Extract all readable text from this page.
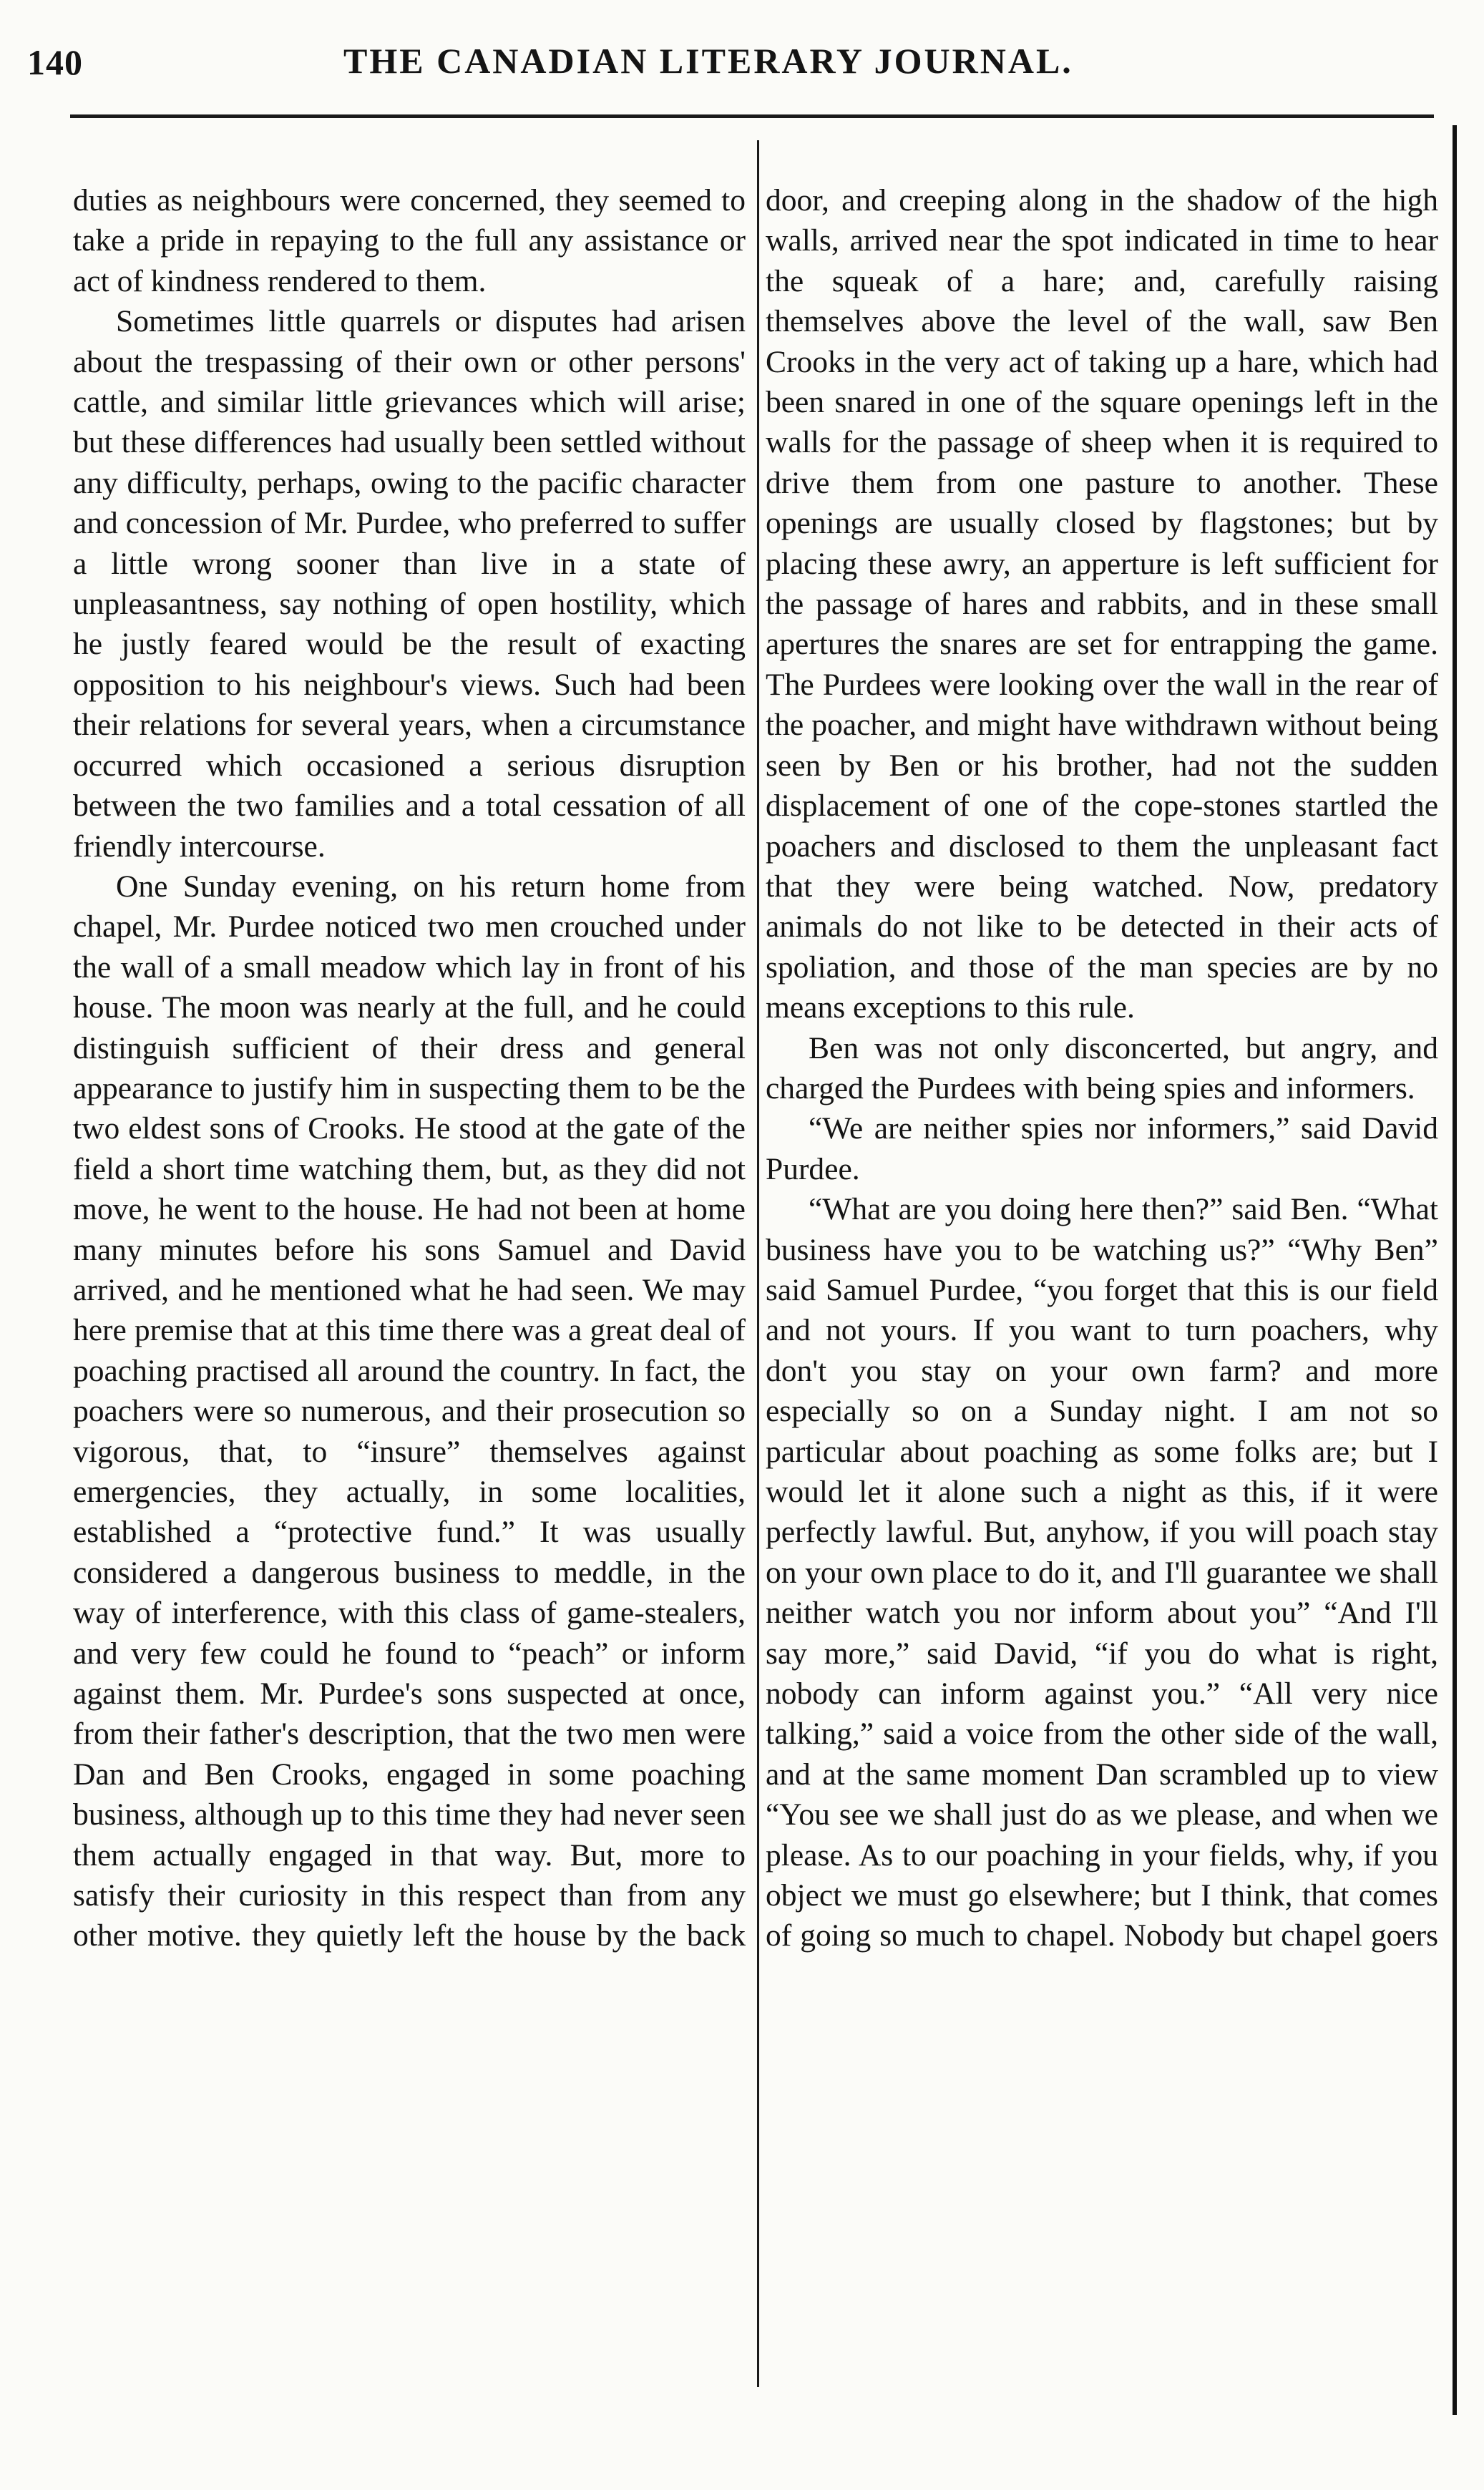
140	THE CANADIAN LITERARY JOURNAL.

duties as neighbours were concerned, they seemed to take a pride in repaying to the full any assistance or act of kindness rendered to them.

Sometimes little quarrels or disputes had arisen about the trespassing of their own or other persons' cattle, and similar little grievances which will arise; but these differences had usually been settled without any difficulty, perhaps, owing to the pacific character and concession of Mr. Purdee, who preferred to suffer a little wrong sooner than live in a state of unpleasantness, say nothing of open hostility, which he justly feared would be the result of exacting opposition to his neighbour's views. Such had been their relations for several years, when a circumstance occurred which occasioned a serious disruption between the two families and a total cessation of all friendly intercourse.

One Sunday evening, on his return home from chapel, Mr. Purdee noticed two men crouched under the wall of a small meadow which lay in front of his house. The moon was nearly at the full, and he could distinguish sufficient of their dress and general appearance to justify him in suspecting them to be the two eldest sons of Crooks. He stood at the gate of the field a short time watching them, but, as they did not move, he went to the house. He had not been at home many minutes before his sons Samuel and David arrived, and he mentioned what he had seen. We may here premise that at this time there was a great deal of poaching practised all around the country. In fact, the poachers were so numerous, and their prosecution so vigorous, that, to “insure” themselves against emergencies, they actually, in some localities, established a “protective fund.” It was usually considered a dangerous business to meddle, in the way of interference, with this class of game-stealers, and very few could he found to “peach” or inform against them. Mr. Purdee's sons suspected at once, from their father's description, that the two men were Dan and Ben Crooks, engaged in some poaching business, although up to this time they had never seen them actually engaged in that way. But, more to satisfy their curiosity in this respect than from any other motive. they quietly left the house by the back

door, and creeping along in the shadow of the high walls, arrived near the spot indicated in time to hear the squeak of a hare; and, carefully raising themselves above the level of the wall, saw Ben Crooks in the very act of taking up a hare, which had been snared in one of the square openings left in the walls for the passage of sheep when it is required to drive them from one pasture to another. These openings are usually closed by flagstones; but by placing these awry, an apperture is left sufficient for the passage of hares and rabbits, and in these small apertures the snares are set for entrapping the game. The Purdees were looking over the wall in the rear of the poacher, and might have withdrawn without being seen by Ben or his brother, had not the sudden displacement of one of the cope-stones startled the poachers and disclosed to them the unpleasant fact that they were being watched. Now, predatory animals do not like to be detected in their acts of spoliation, and those of the man species are by no means exceptions to this rule.

Ben was not only disconcerted, but angry, and charged the Purdees with being spies and informers.

“We are neither spies nor informers,” said David Purdee.

“What are you doing here then?” said Ben. “What business have you to be watching us?” “Why Ben” said Samuel Purdee, “you forget that this is our field and not yours. If you want to turn poachers, why don't you stay on your own farm? and more especially so on a Sunday night. I am not so particular about poaching as some folks are; but I would let it alone such a night as this, if it were perfectly lawful. But, anyhow, if you will poach stay on your own place to do it, and I'll guarantee we shall neither watch you nor inform about you” “And I'll say more,” said David, “if you do what is right, nobody can inform against you.” “All very nice talking,” said a voice from the other side of the wall, and at the same moment Dan scrambled up to view “You see we shall just do as we please, and when we please. As to our poaching in your fields, why, if you object we must go elsewhere; but I think, that comes of going so much to chapel. Nobody but chapel goers
